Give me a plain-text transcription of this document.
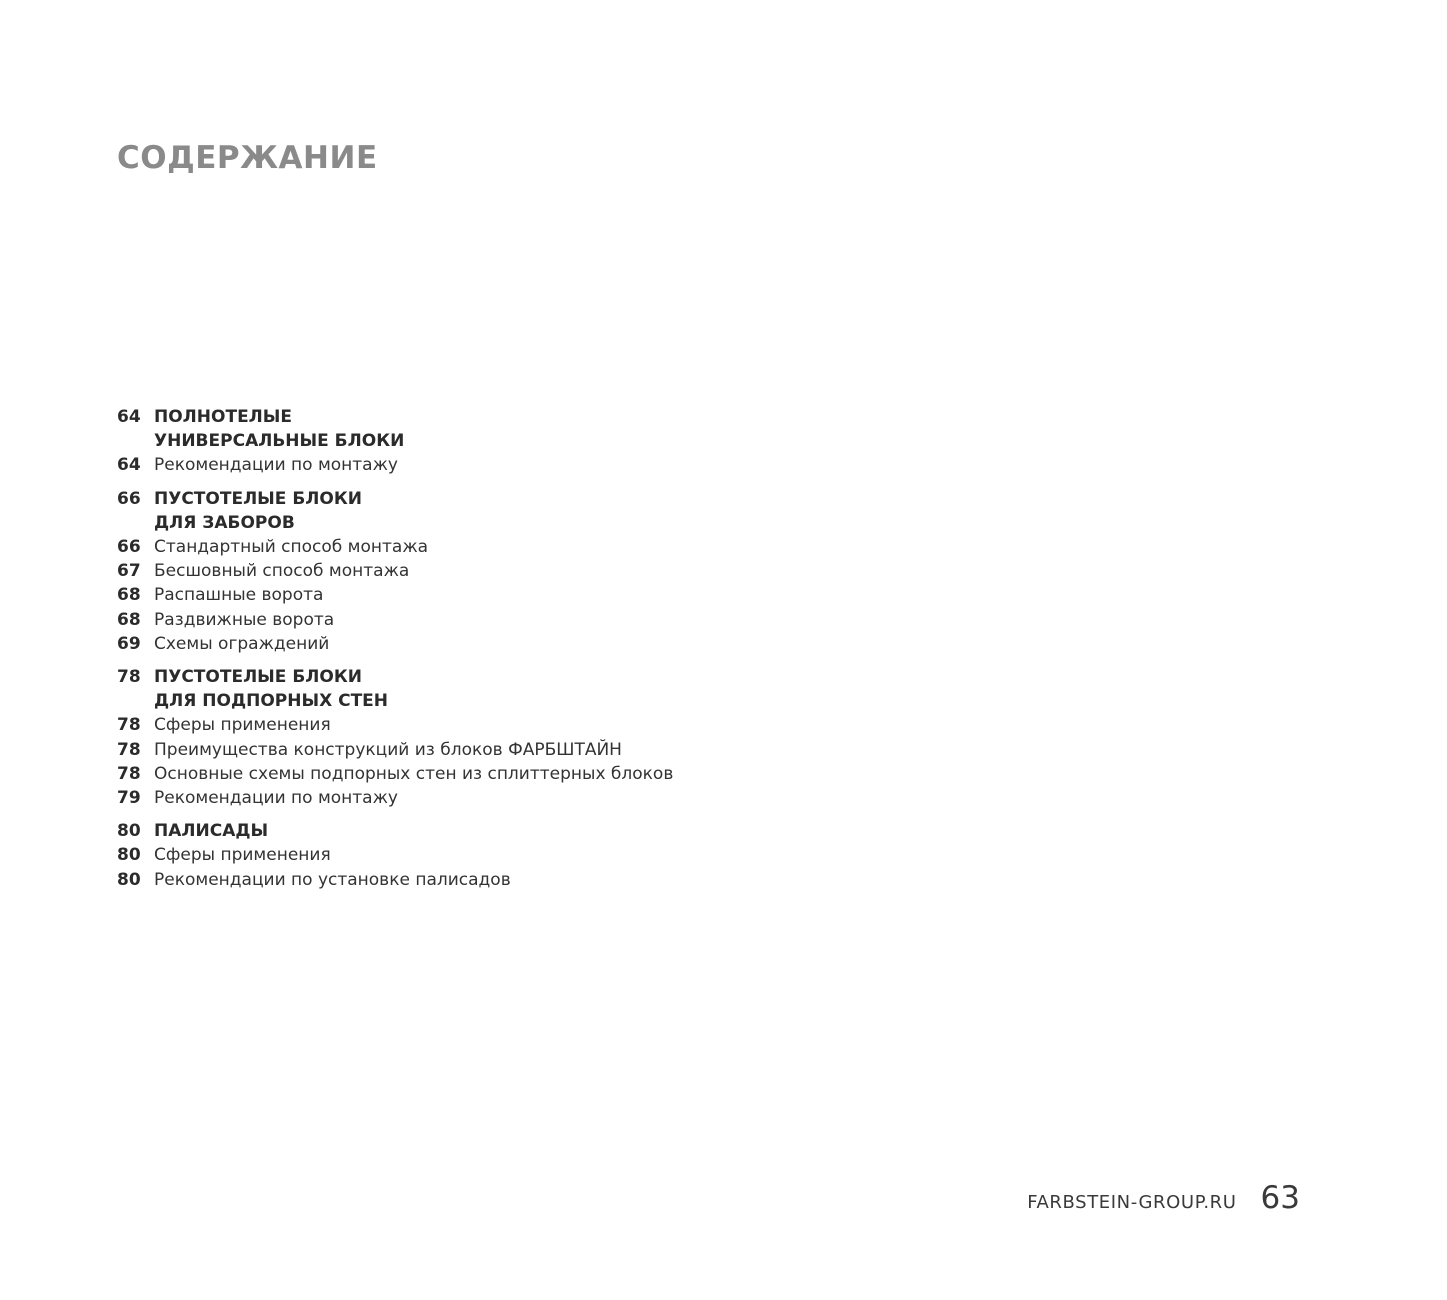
СОДЕРЖАНИЕ
64 ПОЛНОТЕЛЫЕ
УНИВЕРСАЛЬНЫЕ БЛОКИ
64 Рекомендации по монтажу
66 ПУСТОТЕЛЫЕ БЛОКИ
ДЛЯ ЗАБОРОВ
66 Стандартный способ монтажа
67 Бесшовный способ монтажа
68 Распашные ворота
68 Раздвижные ворота
69 Схемы ограждений
78 ПУСТОТЕЛЫЕ БЛОКИ
ДЛЯ ПОДПОРНЫХ СТЕН
78 Сферы применения
78 Преимущества конструкций из блоков ФАРБШТАЙН
78 Основные схемы подпорных стен из сплиттерных блоков
79 Рекомендации по монтажу
80 ПАЛИСАДЫ
80 Сферы применения
80 Рекомендации по установке палисадов
FARBSTEIN-GROUP.RU 63
